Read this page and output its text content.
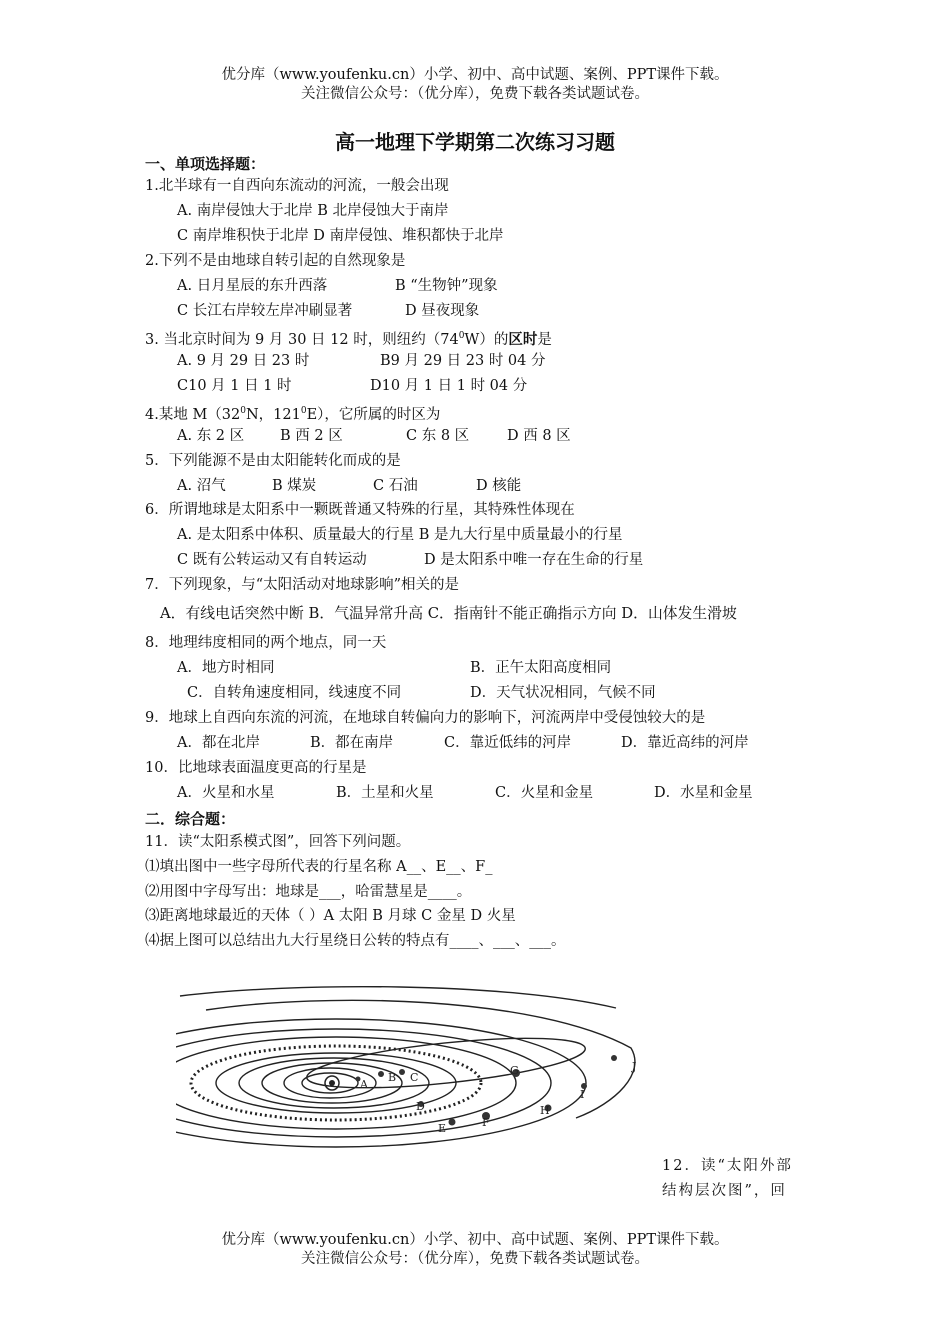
优分库（www.youfenku.cn）小学、初中、高中试题、案例、PPT课件下载。
关注微信公众号：（优分库），免费下载各类试题试卷。
高一地理下学期第二次练习习题
一、单项选择题：
1.北半球有一自西向东流动的河流，一般会出现
A. 南岸侵蚀大于北岸 B 北岸侵蚀大于南岸
C 南岸堆积快于北岸 D 南岸侵蚀、堆积都快于北岸
2.下列不是由地球自转引起的自然现象是
A. 日月星辰的东升西落	B “生物钟”现象
C 长江右岸较左岸冲刷显著	D 昼夜现象
3. 当北京时间为 9 月 30 日 12 时，则纽约$(74^0W)$的区时是
A. 9 月 29 日 23 时	B9 月 29 日 23 时 04 分
C10 月 1 日 1 时	D10 月 1 日 1 时 04 分
4.某地 $M(32^0N$，$121^0E$），它所属的时区为
A. 东 2 区 B 西 2 区	C 东 8 区	D 西 8 区
5．下列能源不是由太阳能转化而成的是
A. 沼气	B 煤炭	C 石油	D 核能
6．所谓地球是太阳系中一颗既普通又特殊的行星，其特殊性体现在
A. 是太阳系中体积、质量最大的行星 B 是九大行星中质量最小的行星
C 既有公转运动又有自转运动	D 是太阳系中唯一存在生命的行星
7．下列现象，与“太阳活动对地球影响”相关的是
A．有线电话突然中断 B．气温异常升高 C．指南针不能正确指示方向 D．山体发生滑坡
8．地理纬度相同的两个地点，同一天
A．地方时相同	B．正午太阳高度相同
C．自转角速度相同，线速度不同	D．天气状况相同，气候不同
9．地球上自西向东流的河流，在地球自转偏向力的影响下，河流两岸中受侵蚀较大的是
A．都在北岸	B．都在南岸	C．靠近低纬的河岸	D．靠近高纬的河岸
10．比地球表面温度更高的行星是
A．火星和水星	B．土星和火星	C．火星和金星	D．水星和金星
二．综合题：
11．读“太阳系模式图”，回答下列问题。
⑴填出图中一些字母所代表的行星名称 A__、E__、F_
⑵用图中字母写出：地球是___，哈雷慧星是____。
⑶距离地球最近的天体（ ）A 太阳 B 月球 C 金星 D 火星
⑷据上图可以总结出九大行星绕日公转的特点有____、___、___。
A
B C
D
E	F
G
H
I
J
12．读“太阳外部
结构层次图”，回
优分库（www.youfenku.cn）小学、初中、高中试题、案例、PPT课件下载。
关注微信公众号：（优分库），免费下载各类试题试卷。
